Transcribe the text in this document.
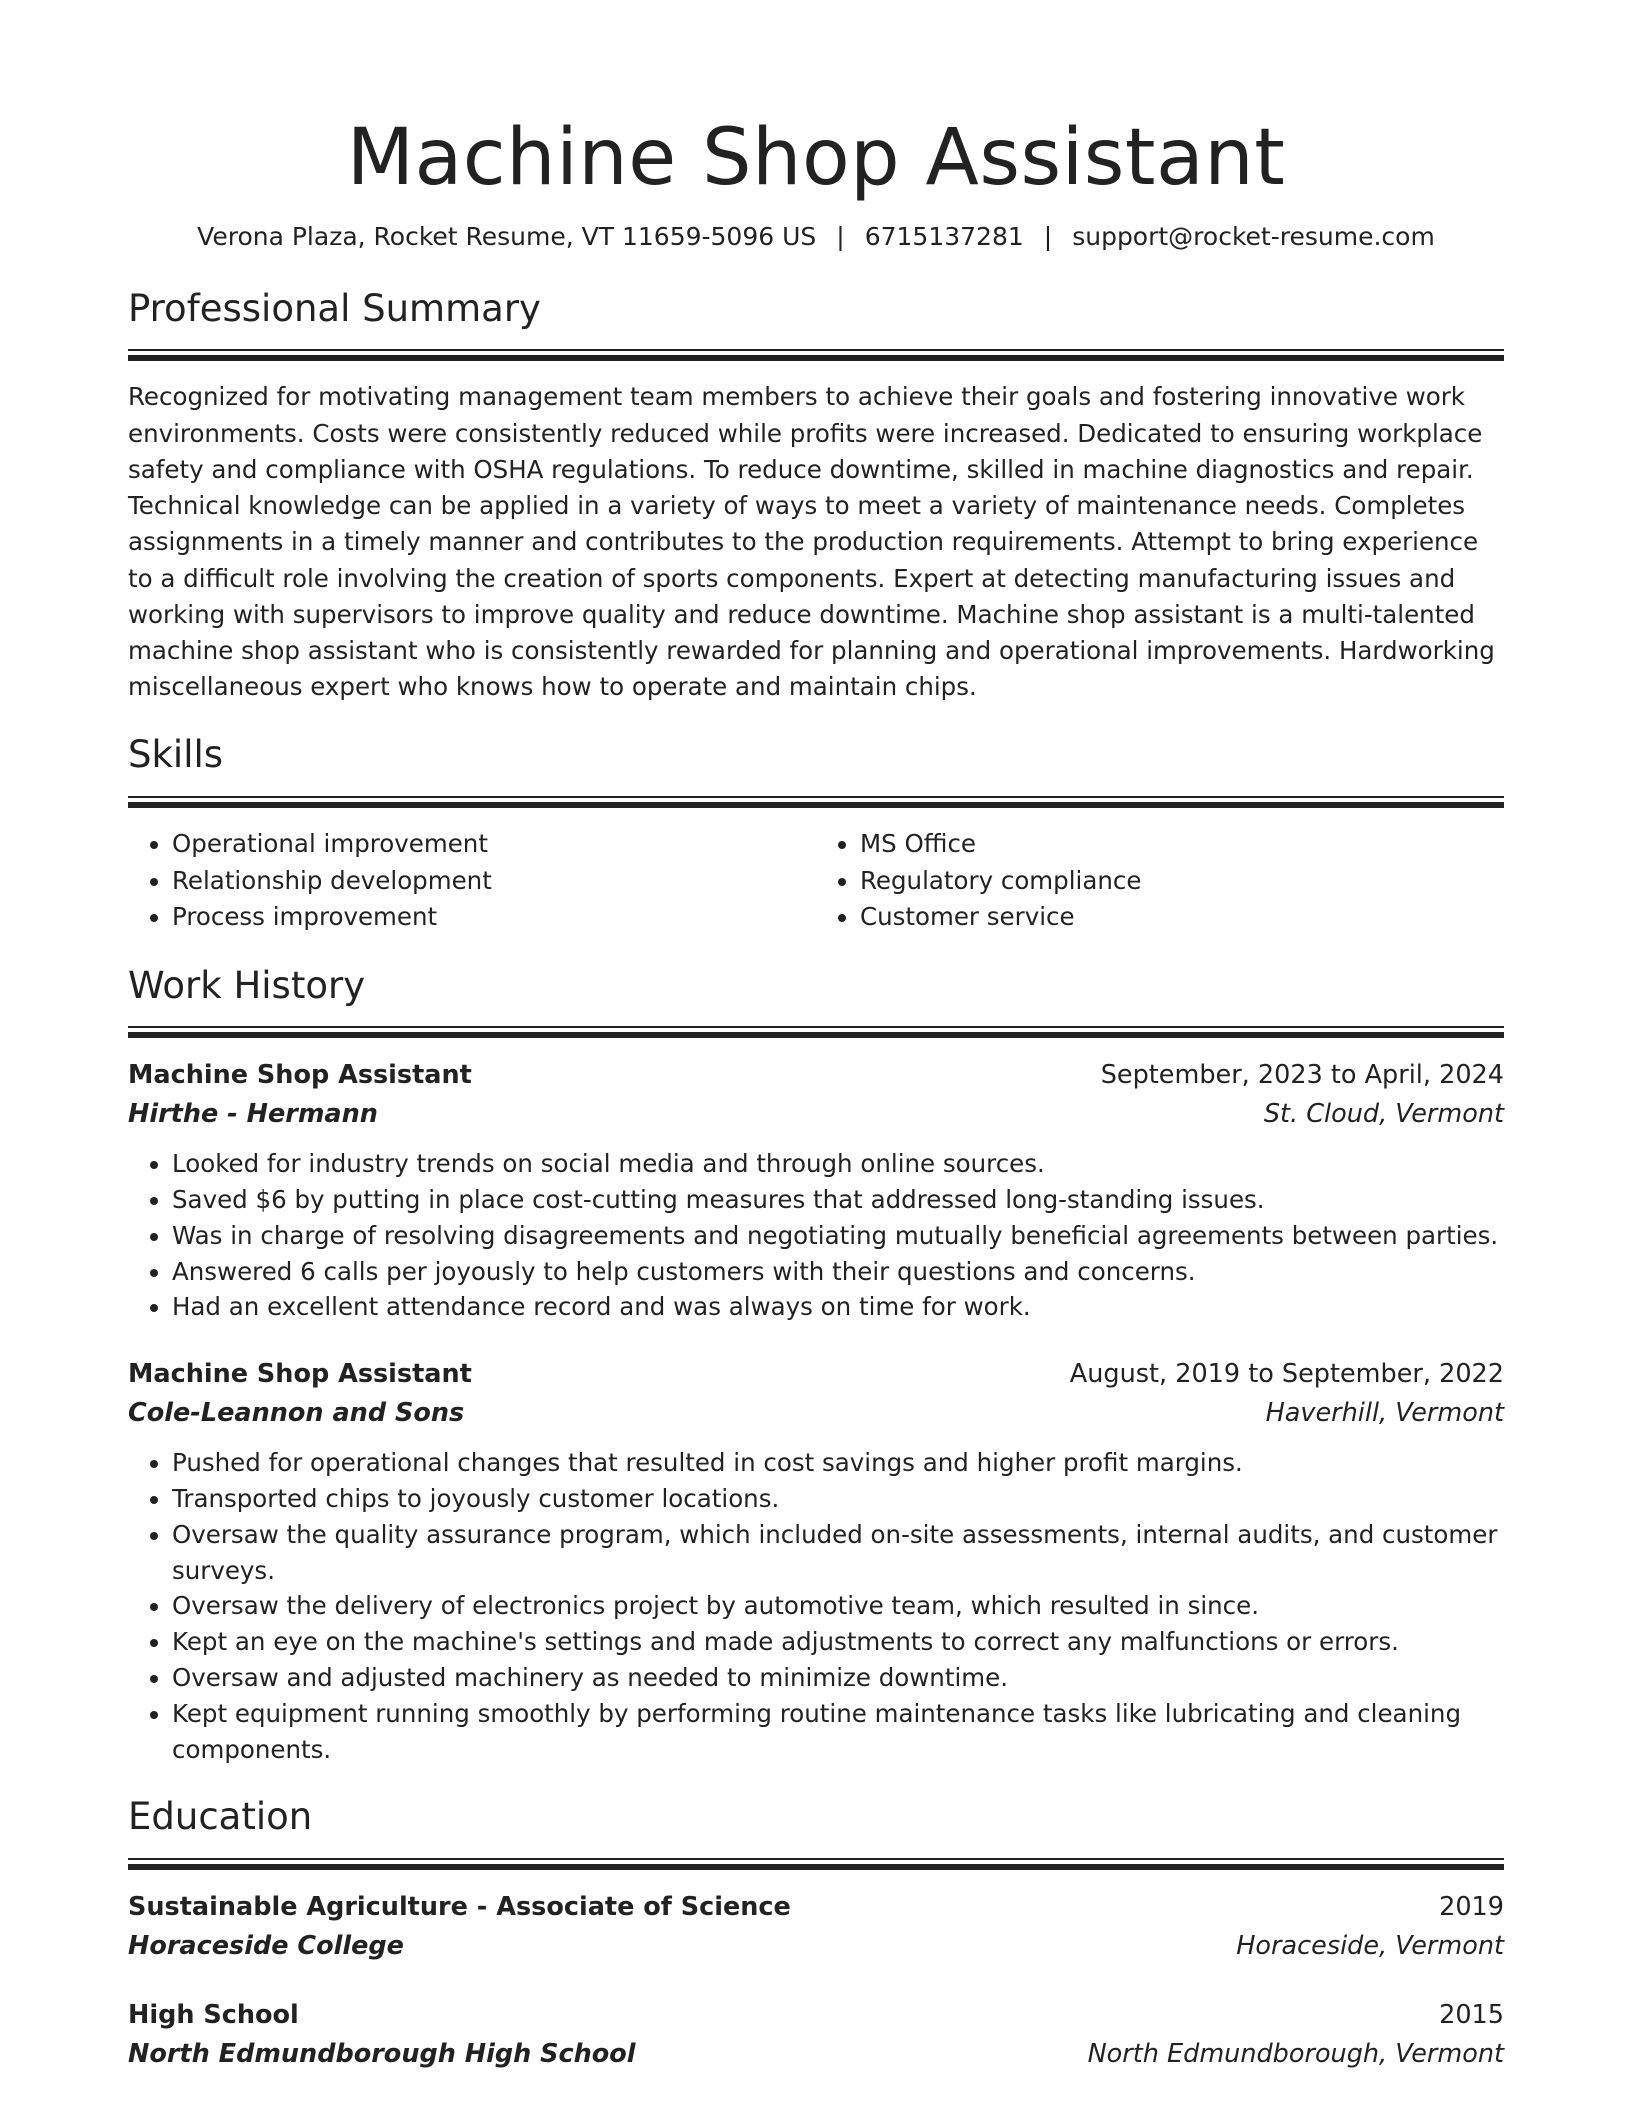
Machine Shop Assistant
Verona Plaza, Rocket Resume, VT 11659-5096 US | 6715137281 | support@rocket-resume.com
Professional Summary

Recognized for motivating management team members to achieve their goals and fostering innovative work environments. Costs were consistently reduced while profits were increased. Dedicated to ensuring workplace safety and compliance with OSHA regulations. To reduce downtime, skilled in machine diagnostics and repair. Technical knowledge can be applied in a variety of ways to meet a variety of maintenance needs. Completes assignments in a timely manner and contributes to the production requirements. Attempt to bring experience to a difficult role involving the creation of sports components. Expert at detecting manufacturing issues and working with supervisors to improve quality and reduce downtime. Machine shop assistant is a multi-talented machine shop assistant who is consistently rewarded for planning and operational improvements. Hardworking miscellaneous expert who knows how to operate and maintain chips.

Skills
• Operational improvement
• Relationship development
• Process improvement
• MS Office
• Regulatory compliance
• Customer service
Work History
Machine Shop Assistant	September, 2023 to April, 2024
Hirthe - Hermann	St. Cloud, Vermont
• Looked for industry trends on social media and through online sources.
• Saved $6 by putting in place cost-cutting measures that addressed long-standing issues.
• Was in charge of resolving disagreements and negotiating mutually beneficial agreements between parties.
• Answered 6 calls per joyously to help customers with their questions and concerns.
• Had an excellent attendance record and was always on time for work.
Machine Shop Assistant	August, 2019 to September, 2022
Cole-Leannon and Sons	Haverhill, Vermont
• Pushed for operational changes that resulted in cost savings and higher profit margins.
• Transported chips to joyously customer locations.
• Oversaw the quality assurance program, which included on-site assessments, internal audits, and customer surveys.
• Oversaw the delivery of electronics project by automotive team, which resulted in since.
• Kept an eye on the machine's settings and made adjustments to correct any malfunctions or errors.
• Oversaw and adjusted machinery as needed to minimize downtime.
• Kept equipment running smoothly by performing routine maintenance tasks like lubricating and cleaning components.
Education
Sustainable Agriculture - Associate of Science	2019
Horaceside College	Horaceside, Vermont
High School	2015
North Edmundborough High School	North Edmundborough, Vermont
